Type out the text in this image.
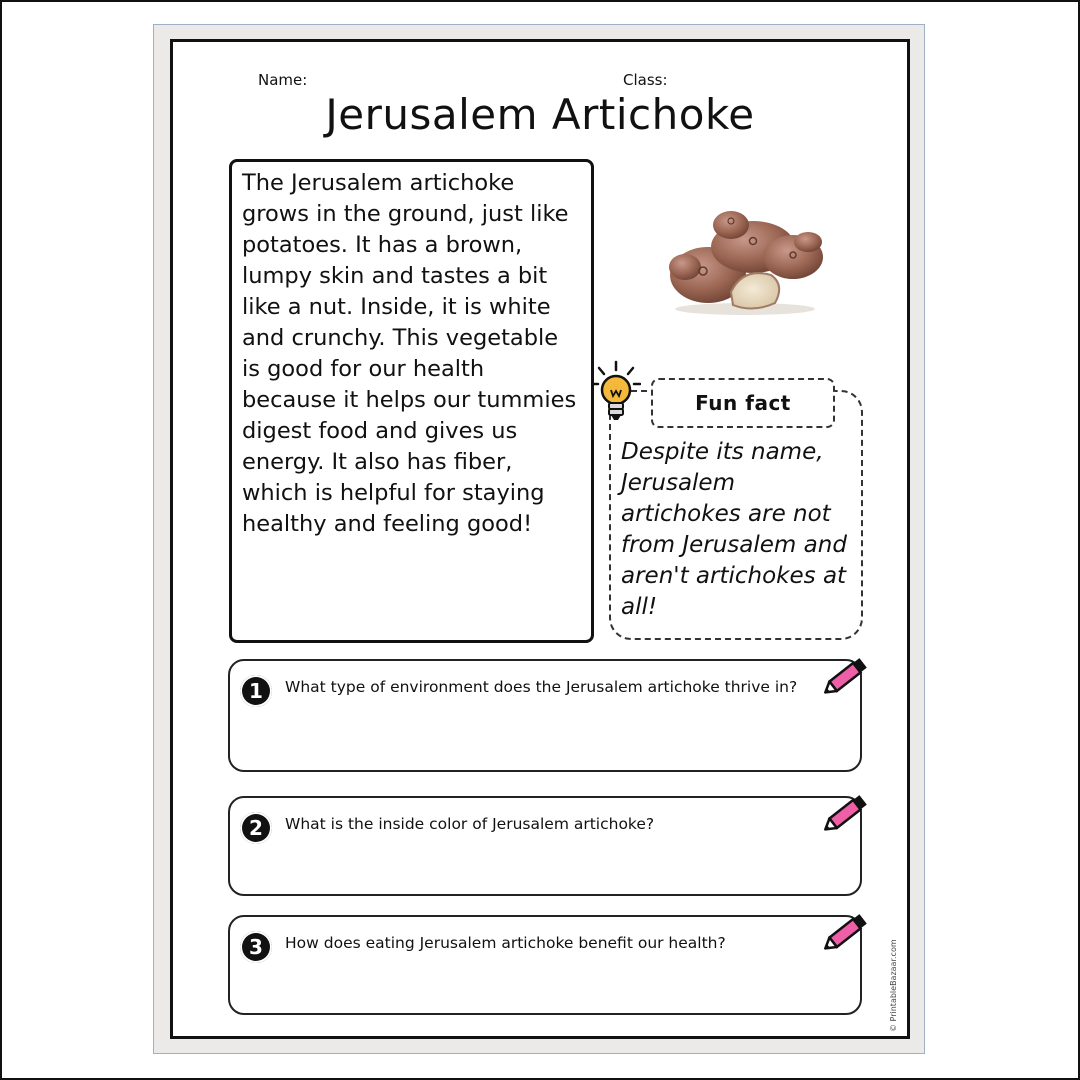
Name:	Class:
Jerusalem Artichoke

The Jerusalem artichoke grows in the ground, just like potatoes. It has a brown, lumpy skin and tastes a bit like a nut. Inside, it is white and crunchy. This vegetable is good for our health because it helps our tummies digest food and gives us energy. It also has fiber, which is helpful for staying healthy and feeling good!

Fun fact

Despite its name, Jerusalem artichokes are not from Jerusalem and aren't artichokes at all!

1	What type of environment does the Jerusalem artichoke thrive in?
2	What is the inside color of Jerusalem artichoke?
3	How does eating Jerusalem artichoke benefit our health?	© PrintableBazaar.com
